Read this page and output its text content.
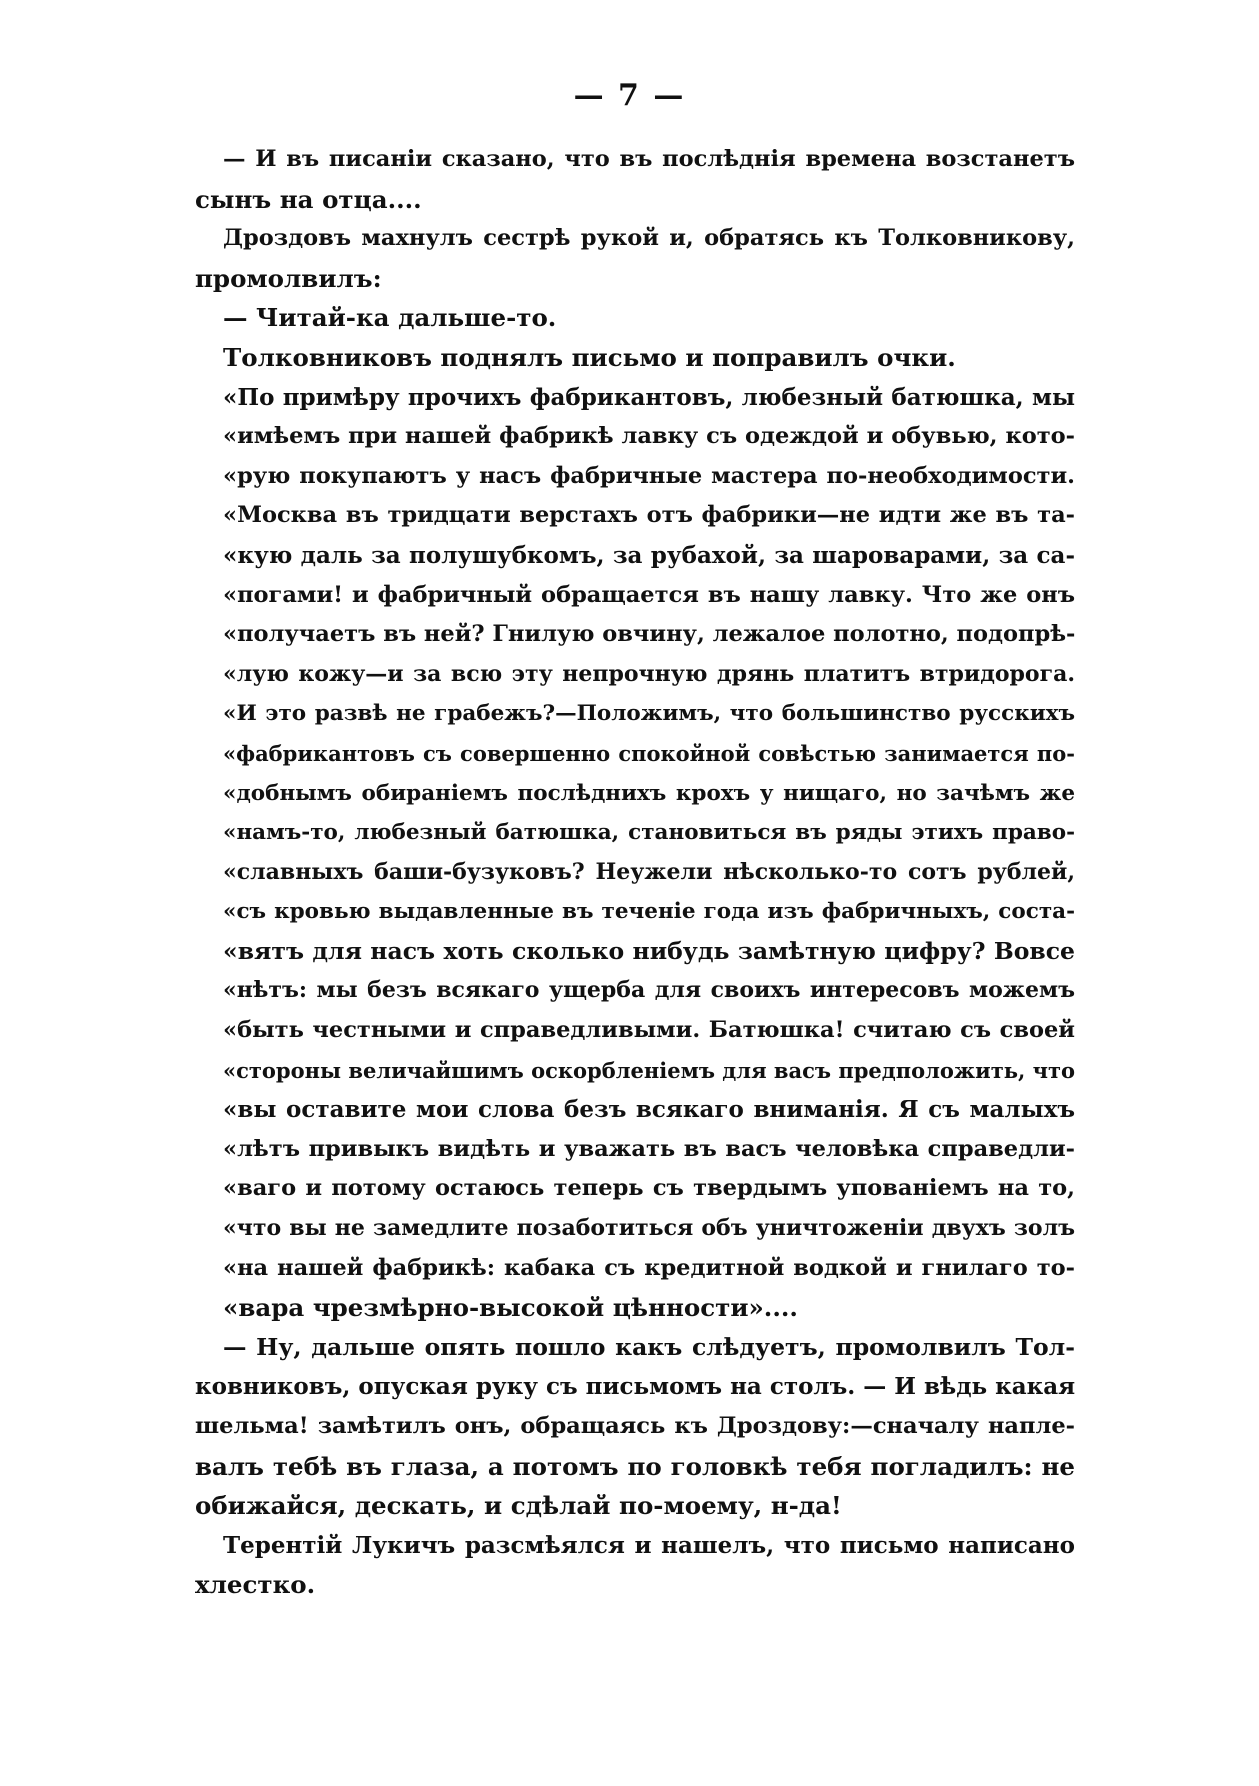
— 7 —
— И въ писаніи сказано, что въ послѣднія времена возстанетъ
сынъ на отца....
Дроздовъ махнулъ сестрѣ рукой и, обратясь къ Толковникову,
промолвилъ:
— Читай-ка дальше-то.
Толковниковъ поднялъ письмо и поправилъ очки.
«По примѣру прочихъ фабрикантовъ, любезный батюшка, мы
«имѣемъ при нашей фабрикѣ лавку съ одеждой и обувью, кото-
«рую покупаютъ у насъ фабричные мастера по-необходимости.
«Москва въ тридцати верстахъ отъ фабрики—не идти же въ та-
«кую даль за полушубкомъ, за рубахой, за шароварами, за са-
«погами! и фабричный обращается въ нашу лавку. Что же онъ
«получаетъ въ ней? Гнилую овчину, лежалое полотно, подопрѣ-
«лую кожу—и за всю эту непрочную дрянь платитъ втридорога.
«И это развѣ не грабежъ?—Положимъ, что большинство русскихъ
«фабрикантовъ съ совершенно спокойной совѣстью занимается по-
«добнымъ обираніемъ послѣднихъ крохъ у нищаго, но зачѣмъ же
«намъ-то, любезный батюшка, становиться въ ряды этихъ право-
«славныхъ баши-бузуковъ? Неужели нѣсколько-то сотъ рублей,
«съ кровью выдавленные въ теченіе года изъ фабричныхъ, соста-
«вятъ для насъ хоть сколько нибудь замѣтную цифру? Вовсе
«нѣтъ: мы безъ всякаго ущерба для своихъ интересовъ можемъ
«быть честными и справедливыми. Батюшка! считаю съ своей
«стороны величайшимъ оскорбленіемъ для васъ предположить, что
«вы оставите мои слова безъ всякаго вниманія. Я съ малыхъ
«лѣтъ привыкъ видѣть и уважать въ васъ человѣка справедли-
«ваго и потому остаюсь теперь съ твердымъ упованіемъ на то,
«что вы не замедлите позаботиться объ уничтоженіи двухъ золъ
«на нашей фабрикѣ: кабака съ кредитной водкой и гнилаго то-
«вара чрезмѣрно-высокой цѣнности»....
— Ну, дальше опять пошло какъ слѣдуетъ, промолвилъ Тол-
ковниковъ, опуская руку съ письмомъ на столъ. — И вѣдь какая
шельма! замѣтилъ онъ, обращаясь къ Дроздову:—сначалу напле-
валъ тебѣ въ глаза, а потомъ по головкѣ тебя погладилъ: не
обижайся, дескать, и сдѣлай по-моему, н-да!
Терентій Лукичъ разсмѣялся и нашелъ, что письмо написано
хлестко.
